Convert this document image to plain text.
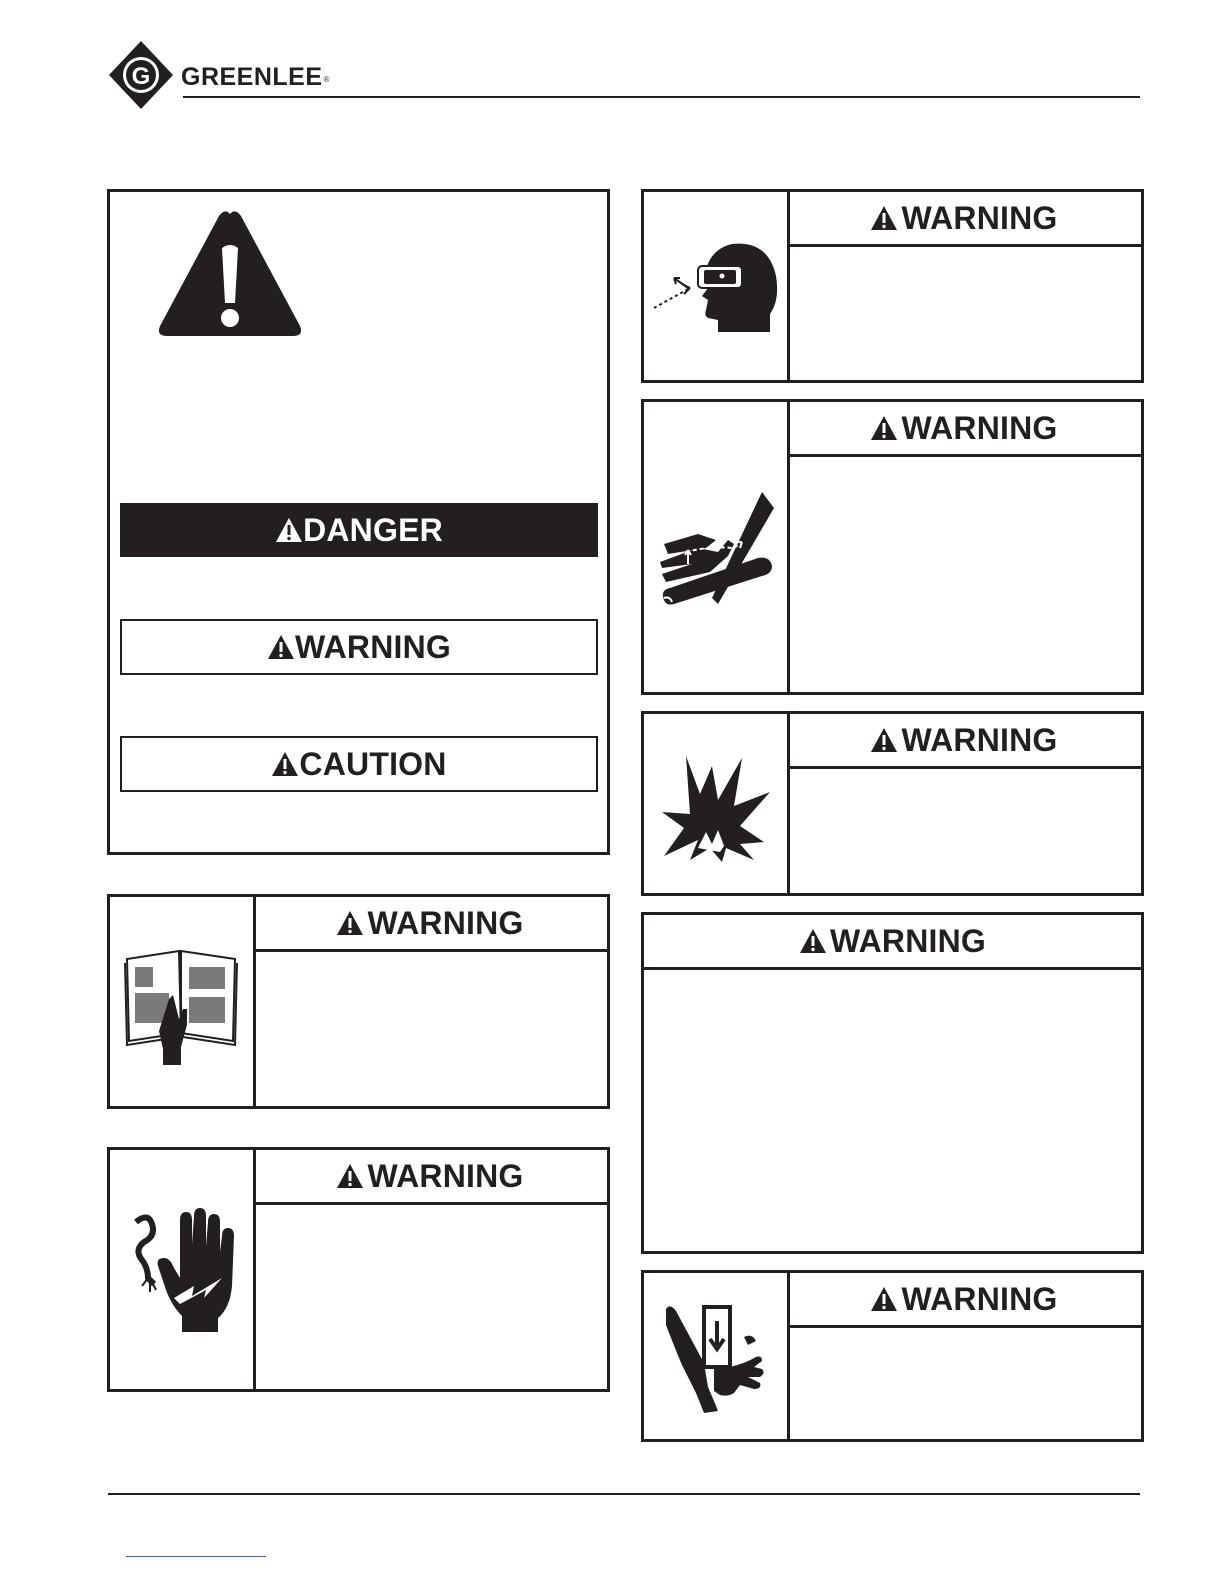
G GREENLEE®
DANGER
WARNING
CAUTION
WARNING
WARNING
WARNING
WARNING
WARNING
WARNING
WARNING
